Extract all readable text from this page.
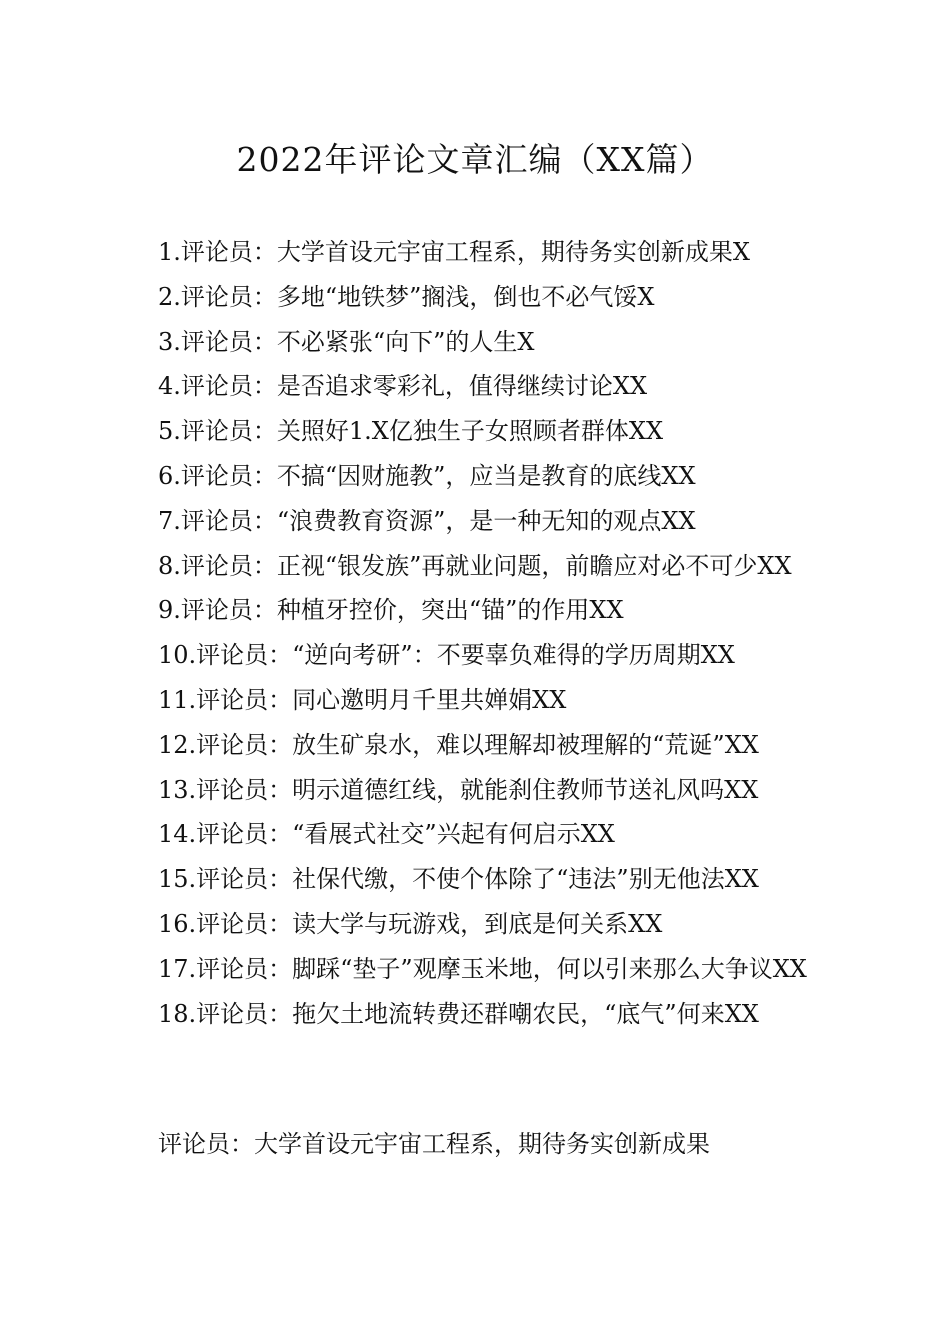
2022年评论文章汇编（XX篇）
1.评论员：大学首设元宇宙工程系，期待务实创新成果X
2.评论员：多地“地铁梦”搁浅，倒也不必气馁X
3.评论员：不必紧张“向下”的人生X
4.评论员：是否追求零彩礼，值得继续讨论XX
5.评论员：关照好1.X亿独生子女照顾者群体XX
6.评论员：不搞“因财施教”，应当是教育的底线XX
7.评论员：“浪费教育资源”，是一种无知的观点XX
8.评论员：正视“银发族”再就业问题，前瞻应对必不可少XX
9.评论员：种植牙控价，突出“锚”的作用XX
10.评论员：“逆向考研”：不要辜负难得的学历周期XX
11.评论员：同心邀明月千里共婵娟XX
12.评论员：放生矿泉水，难以理解却被理解的“荒诞”XX
13.评论员：明示道德红线，就能刹住教师节送礼风吗XX
14.评论员：“看展式社交”兴起有何启示XX
15.评论员：社保代缴，不使个体除了“违法”别无他法XX
16.评论员：读大学与玩游戏，到底是何关系XX
17.评论员：脚踩“垫子”观摩玉米地，何以引来那么大争议XX
18.评论员：拖欠土地流转费还群嘲农民，“底气”何来XX
评论员：大学首设元宇宙工程系，期待务实创新成果
